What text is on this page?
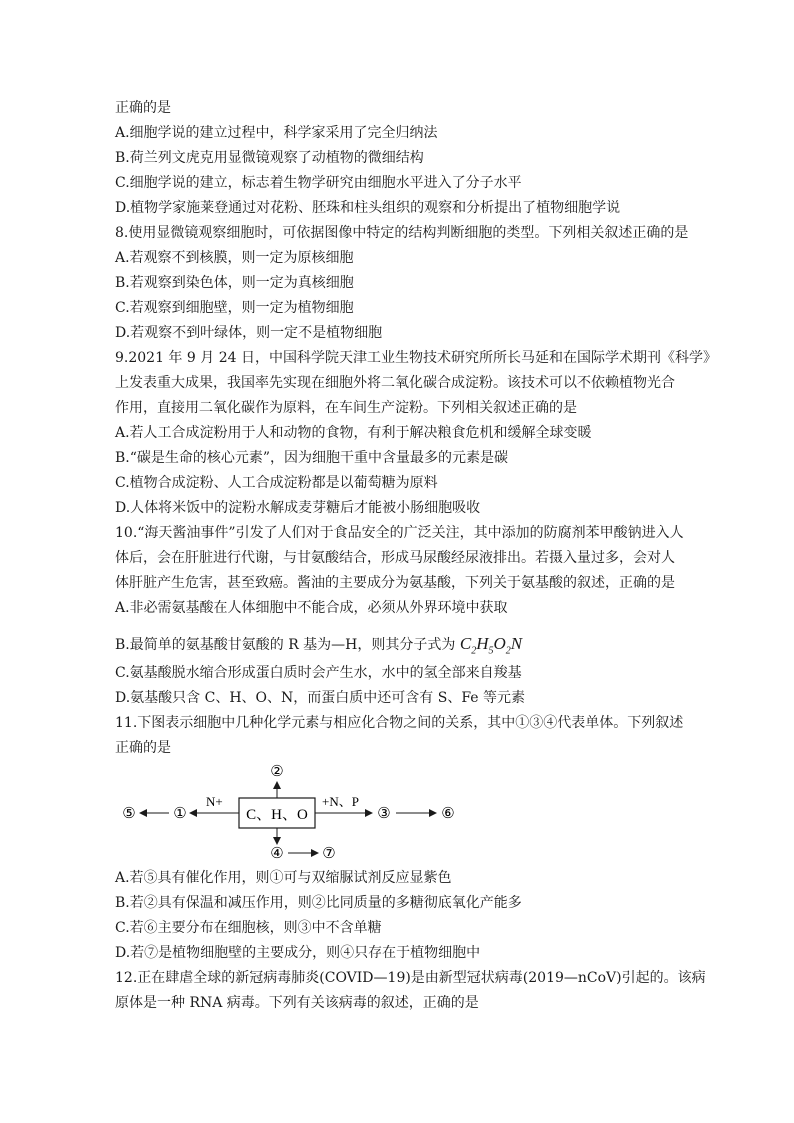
正确的是
A.细胞学说的建立过程中，科学家采用了完全归纳法
B.荷兰列文虎克用显微镜观察了动植物的微细结构
C.细胞学说的建立，标志着生物学研究由细胞水平进入了分子水平
D.植物学家施莱登通过对花粉、胚珠和柱头组织的观察和分析提出了植物细胞学说
8.使用显微镜观察细胞时，可依据图像中特定的结构判断细胞的类型。下列相关叙述正确的是
A.若观察不到核膜，则一定为原核细胞
B.若观察到染色体，则一定为真核细胞
C.若观察到细胞壁，则一定为植物细胞
D.若观察不到叶绿体，则一定不是植物细胞
9.2021 年 9 月 24 日，中国科学院天津工业生物技术研究所所长马延和在国际学术期刊《科学》
上发表重大成果，我国率先实现在细胞外将二氧化碳合成淀粉。该技术可以不依赖植物光合
作用，直接用二氧化碳作为原料，在车间生产淀粉。下列相关叙述正确的是
A.若人工合成淀粉用于人和动物的食物，有利于解决粮食危机和缓解全球变暖
B.“碳是生命的核心元素”，因为细胞干重中含量最多的元素是碳
C.植物合成淀粉、人工合成淀粉都是以葡萄糖为原料
D.人体将米饭中的淀粉水解成麦芽糖后才能被小肠细胞吸收
10.“海天酱油事件”引发了人们对于食品安全的广泛关注，其中添加的防腐剂苯甲酸钠进入人
体后，会在肝脏进行代谢，与甘氨酸结合，形成马尿酸经尿液排出。若摄入量过多，会对人
体肝脏产生危害，甚至致癌。酱油的主要成分为氨基酸，下列关于氨基酸的叙述，正确的是
A.非必需氨基酸在人体细胞中不能合成，必须从外界环境中获取
B.最简单的氨基酸甘氨酸的 R 基为—H，则其分子式为 $C_2H_5O_2N$
C.氨基酸脱水缩合形成蛋白质时会产生水，水中的氢全部来自羧基
D.氨基酸只含 C、H、O、N，而蛋白质中还可含有 S、Fe 等元素
11.下图表示细胞中几种化学元素与相应化合物之间的关系，其中①③④代表单体。下列叙述
正确的是
C、H、O
②
④	⑦
N+
①
⑤
+N、P
③	⑥
A.若⑤具有催化作用，则①可与双缩脲试剂反应显紫色
B.若②具有保温和减压作用，则②比同质量的多糖彻底氧化产能多
C.若⑥主要分布在细胞核，则③中不含单糖
D.若⑦是植物细胞壁的主要成分，则④只存在于植物细胞中
12.正在肆虐全球的新冠病毒肺炎(COVID—19)是由新型冠状病毒(2019—nCoV)引起的。该病
原体是一种 RNA 病毒。下列有关该病毒的叙述，正确的是
